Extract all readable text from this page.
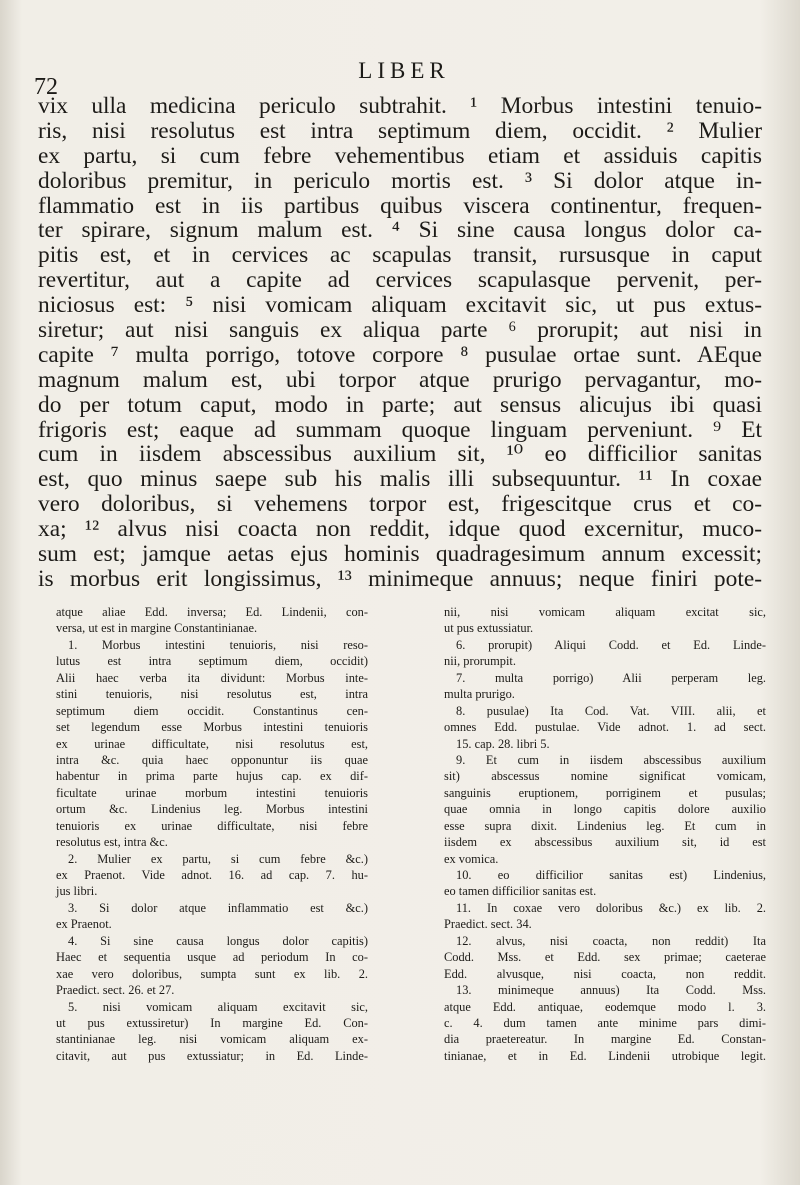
72
LIBER
vix ulla medicina periculo subtrahit. ¹ Morbus intestini tenuio-
ris, nisi resolutus est intra septimum diem, occidit. ² Mulier
ex partu, si cum febre vehementibus etiam et assiduis capitis
doloribus premitur, in periculo mortis est. ³ Si dolor atque in-
flammatio est in iis partibus quibus viscera continentur, frequen-
ter spirare, signum malum est. ⁴ Si sine causa longus dolor ca-
pitis est, et in cervices ac scapulas transit, rursusque in caput
revertitur, aut a capite ad cervices scapulasque pervenit, per-
niciosus est: ⁵ nisi vomicam aliquam excitavit sic, ut pus extus-
siretur; aut nisi sanguis ex aliqua parte ⁶ prorupit; aut nisi in
capite ⁷ multa porrigo, totove corpore ⁸ pusulae ortae sunt. AEque
magnum malum est, ubi torpor atque prurigo pervagantur, mo-
do per totum caput, modo in parte; aut sensus alicujus ibi quasi
frigoris est; eaque ad summam quoque linguam perveniunt. ⁹ Et
cum in iisdem abscessibus auxilium sit, ¹⁰ eo difficilior sanitas
est, quo minus saepe sub his malis illi subsequuntur. ¹¹ In coxae
vero doloribus, si vehemens torpor est, frigescitque crus et co-
xa; ¹² alvus nisi coacta non reddit, idque quod excernitur, muco-
sum est; jamque aetas ejus hominis quadragesimum annum excessit;
is morbus erit longissimus, ¹³ minimeque annuus; neque finiri pote-
atque aliae Edd. inversa; Ed. Lindenii, con-
versa, ut est in margine Constantinianae.
1. Morbus intestini tenuioris, nisi reso-
lutus est intra septimum diem, occidit)
Alii haec verba ita dividunt: Morbus inte-
stini tenuioris, nisi resolutus est, intra
septimum diem occidit. Constantinus cen-
set legendum esse Morbus intestini tenuioris
ex urinae difficultate, nisi resolutus est,
intra &c. quia haec opponuntur iis quae
habentur in prima parte hujus cap. ex dif-
ficultate urinae morbum intestini tenuioris
ortum &c. Lindenius leg. Morbus intestini
tenuioris ex urinae difficultate, nisi febre
resolutus est, intra &c.
2. Mulier ex partu, si cum febre &c.)
ex Praenot. Vide adnot. 16. ad cap. 7. hu-
jus libri.
3. Si dolor atque inflammatio est &c.)
ex Praenot.
4. Si sine causa longus dolor capitis)
Haec et sequentia usque ad periodum In co-
xae vero doloribus, sumpta sunt ex lib. 2.
Praedict. sect. 26. et 27.
5. nisi vomicam aliquam excitavit sic,
ut pus extussiretur) In margine Ed. Con-
stantinianae leg. nisi vomicam aliquam ex-
citavit, aut pus extussiatur; in Ed. Linde-
nii, nisi vomicam aliquam excitat sic,
ut pus extussiatur.
6. prorupit) Aliqui Codd. et Ed. Linde-
nii, prorumpit.
7. multa porrigo) Alii perperam leg.
multa prurigo.
8. pusulae) Ita Cod. Vat. VIII. alii, et
omnes Edd. pustulae. Vide adnot. 1. ad sect.
15. cap. 28. libri 5.
9. Et cum in iisdem abscessibus auxilium
sit) abscessus nomine significat vomicam,
sanguinis eruptionem, porriginem et pusulas;
quae omnia in longo capitis dolore auxilio
esse supra dixit. Lindenius leg. Et cum in
iisdem ex abscessibus auxilium sit, id est
ex vomica.
10. eo difficilior sanitas est) Lindenius,
eo tamen difficilior sanitas est.
11. In coxae vero doloribus &c.) ex lib. 2.
Praedict. sect. 34.
12. alvus, nisi coacta, non reddit) Ita
Codd. Mss. et Edd. sex primae; caeterae
Edd. alvusque, nisi coacta, non reddit.
13. minimeque annuus) Ita Codd. Mss.
atque Edd. antiquae, eodemque modo l. 3.
c. 4. dum tamen ante minime pars dimi-
dia praetereatur. In margine Ed. Constan-
tinianae, et in Ed. Lindenii utrobique legit.
